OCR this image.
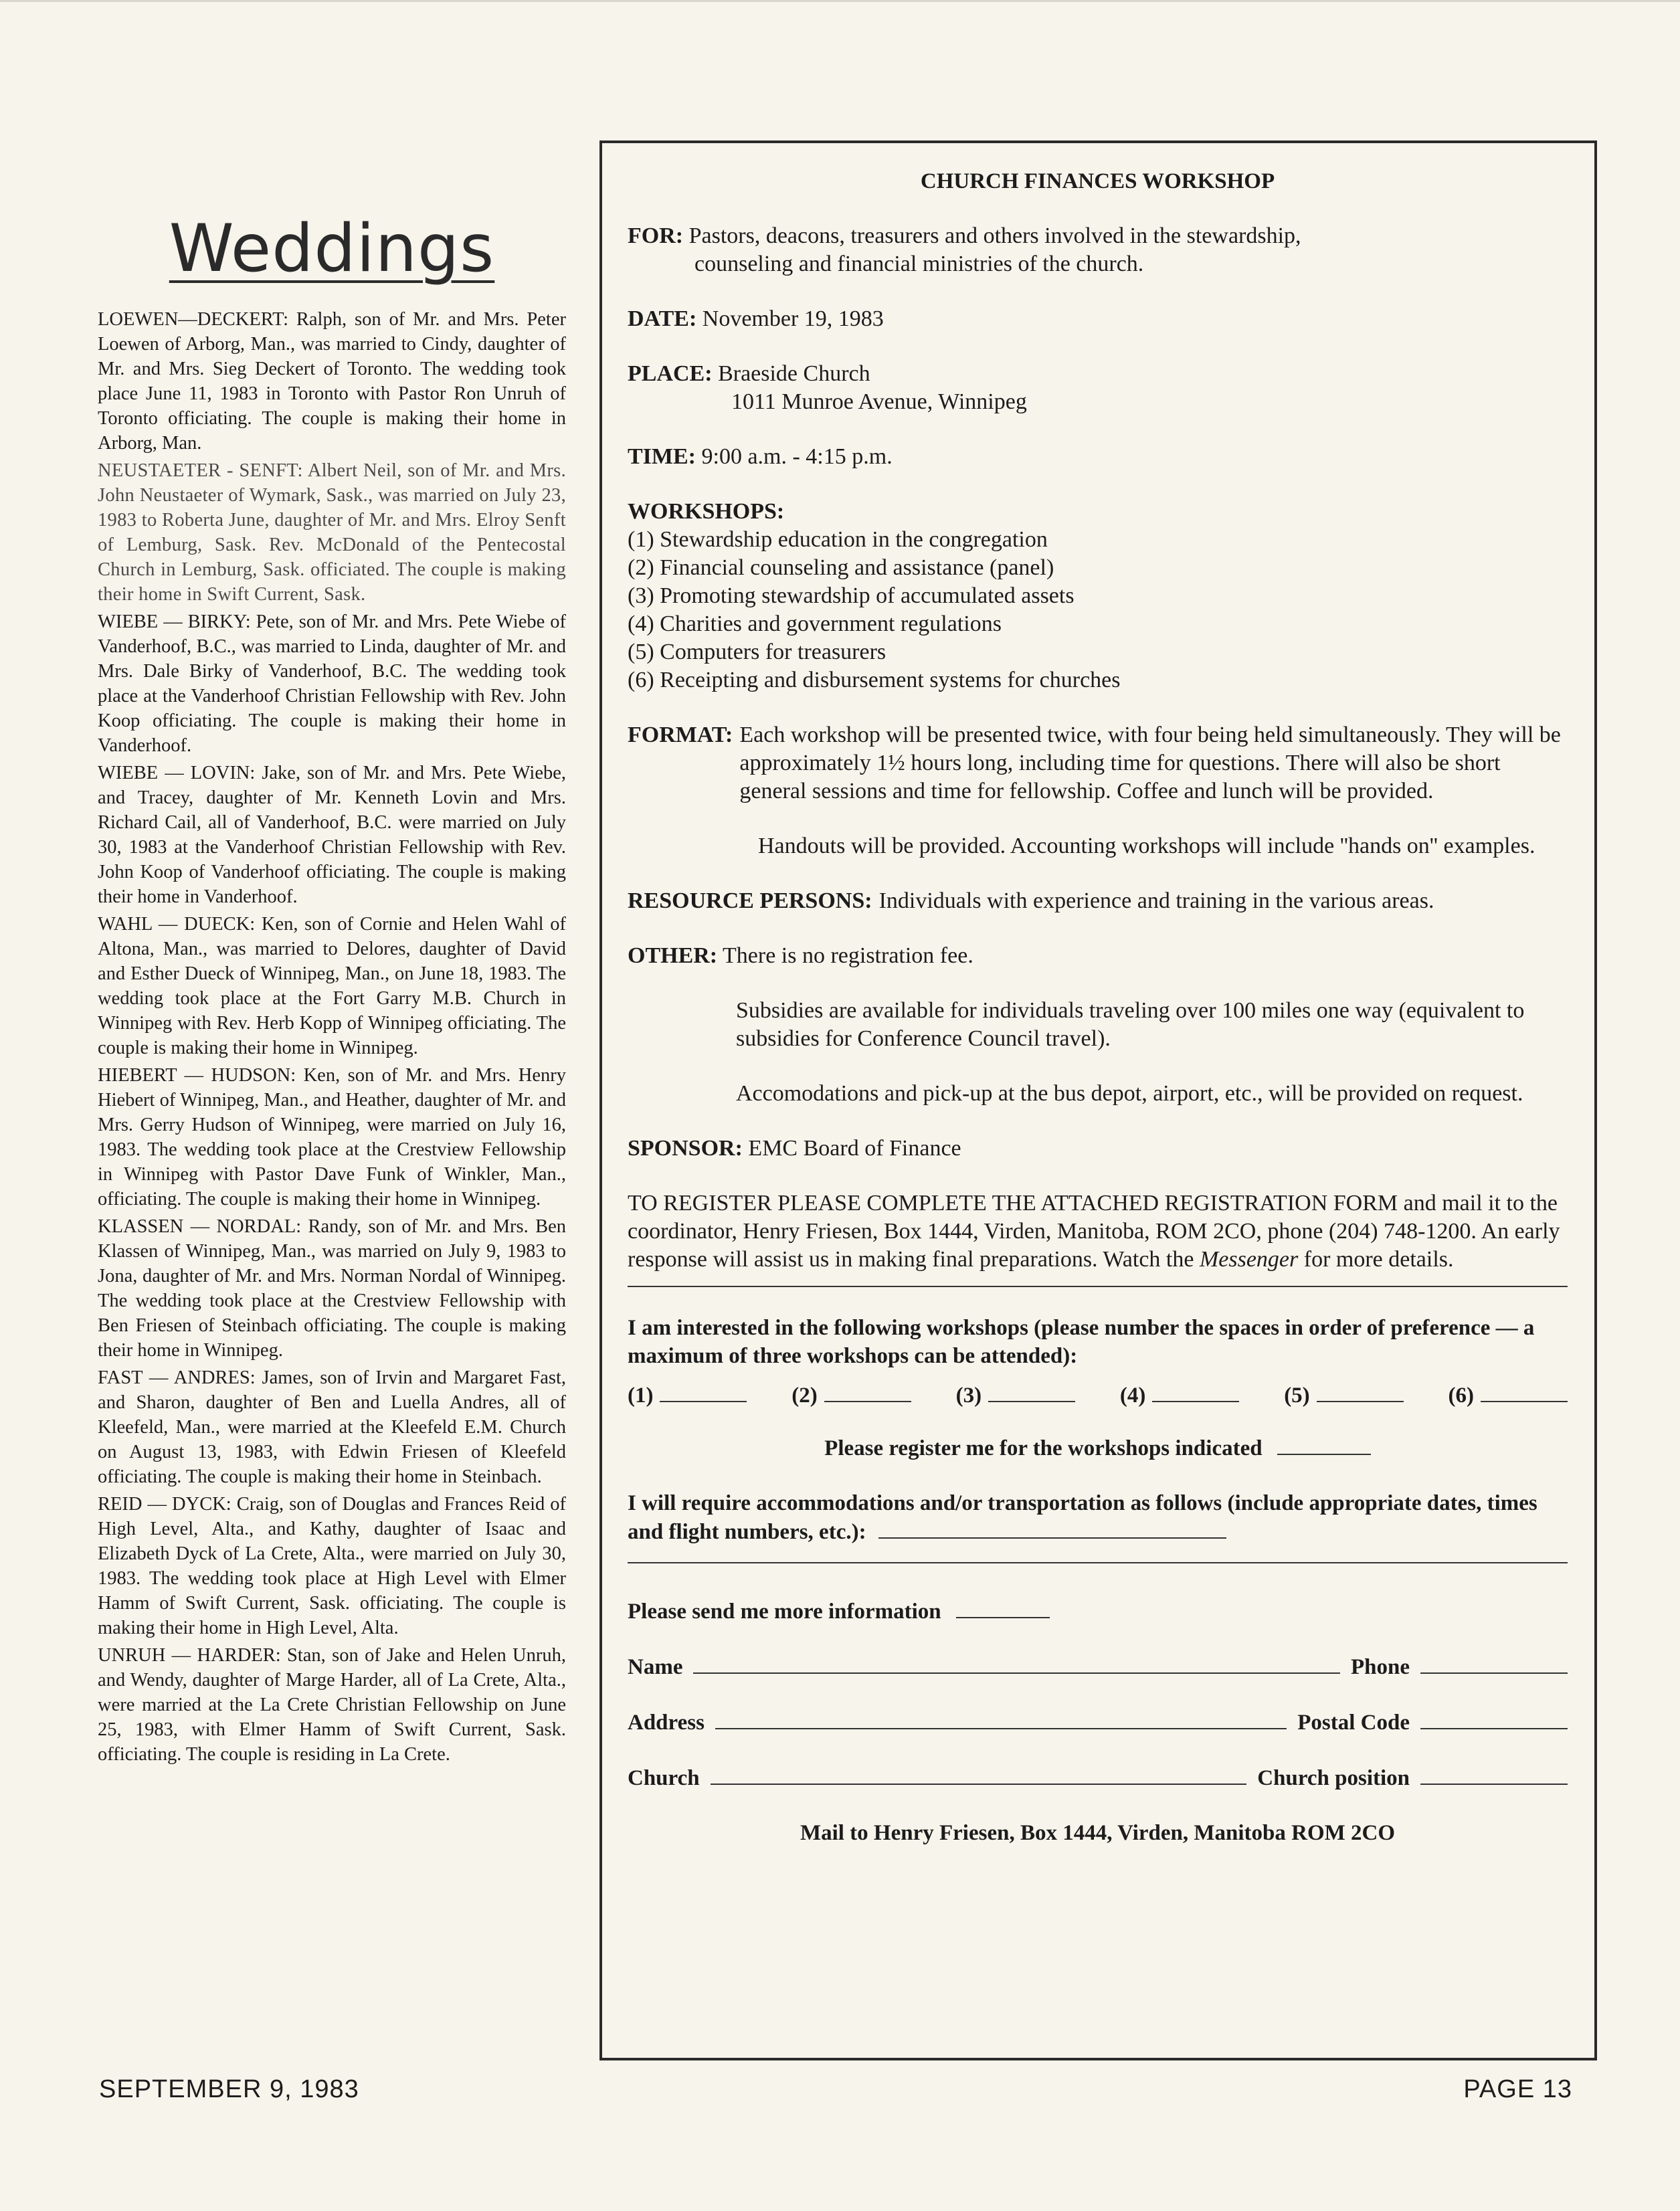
Weddings

LOEWEN—DECKERT: Ralph, son of Mr. and Mrs. Peter Loewen of Arborg, Man., was married to Cindy, daughter of Mr. and Mrs. Sieg Deckert of Toronto. The wedding took place June 11, 1983 in Toronto with Pastor Ron Unruh of Toronto officiating. The couple is making their home in Arborg, Man.

NEUSTAETER - SENFT: Albert Neil, son of Mr. and Mrs. John Neustaeter of Wymark, Sask., was married on July 23, 1983 to Roberta June, daughter of Mr. and Mrs. Elroy Senft of Lemburg, Sask. Rev. McDonald of the Pentecostal Church in Lemburg, Sask. officiated. The couple is making their home in Swift Current, Sask.

WIEBE — BIRKY: Pete, son of Mr. and Mrs. Pete Wiebe of Vanderhoof, B.C., was married to Linda, daughter of Mr. and Mrs. Dale Birky of Vanderhoof, B.C. The wedding took place at the Vanderhoof Christian Fellowship with Rev. John Koop officiating. The couple is making their home in Vanderhoof.

WIEBE — LOVIN: Jake, son of Mr. and Mrs. Pete Wiebe, and Tracey, daughter of Mr. Kenneth Lovin and Mrs. Richard Cail, all of Vanderhoof, B.C. were married on July 30, 1983 at the Vanderhoof Christian Fellowship with Rev. John Koop of Vanderhoof officiating. The couple is making their home in Vanderhoof.

WAHL — DUECK: Ken, son of Cornie and Helen Wahl of Altona, Man., was married to Delores, daughter of David and Esther Dueck of Winnipeg, Man., on June 18, 1983. The wedding took place at the Fort Garry M.B. Church in Winnipeg with Rev. Herb Kopp of Winnipeg officiating. The couple is making their home in Winnipeg.

HIEBERT — HUDSON: Ken, son of Mr. and Mrs. Henry Hiebert of Winnipeg, Man., and Heather, daughter of Mr. and Mrs. Gerry Hudson of Winnipeg, were married on July 16, 1983. The wedding took place at the Crestview Fellowship in Winnipeg with Pastor Dave Funk of Winkler, Man., officiating. The couple is making their home in Winnipeg.

KLASSEN — NORDAL: Randy, son of Mr. and Mrs. Ben Klassen of Winnipeg, Man., was married on July 9, 1983 to Jona, daughter of Mr. and Mrs. Norman Nordal of Winnipeg. The wedding took place at the Crestview Fellowship with Ben Friesen of Steinbach officiating. The couple is making their home in Winnipeg.

FAST — ANDRES: James, son of Irvin and Margaret Fast, and Sharon, daughter of Ben and Luella Andres, all of Kleefeld, Man., were married at the Kleefeld E.M. Church on August 13, 1983, with Edwin Friesen of Kleefeld officiating. The couple is making their home in Steinbach.

REID — DYCK: Craig, son of Douglas and Frances Reid of High Level, Alta., and Kathy, daughter of Isaac and Elizabeth Dyck of La Crete, Alta., were married on July 30, 1983. The wedding took place at High Level with Elmer Hamm of Swift Current, Sask. officiating. The couple is making their home in High Level, Alta.

UNRUH — HARDER: Stan, son of Jake and Helen Unruh, and Wendy, daughter of Marge Harder, all of La Crete, Alta., were married at the La Crete Christian Fellowship on June 25, 1983, with Elmer Hamm of Swift Current, Sask. officiating. The couple is residing in La Crete.

CHURCH FINANCES WORKSHOP
FOR: Pastors, deacons, treasurers and others involved in the stewardship,
counseling and financial ministries of the church.
DATE: November 19, 1983
PLACE: Braeside Church
1011 Munroe Avenue, Winnipeg
TIME: 9:00 a.m. - 4:15 p.m.
WORKSHOPS:
(1) Stewardship education in the congregation
(2) Financial counseling and assistance (panel)
(3) Promoting stewardship of accumulated assets
(4) Charities and government regulations
(5) Computers for treasurers
(6) Receipting and disbursement systems for churches
FORMAT: Each workshop will be presented twice, with four being held simultaneously. They will be approximately 1½ hours long, including time for questions. There will also be short general sessions and time for fellowship. Coffee and lunch will be provided.
Handouts will be provided. Accounting workshops will include ''hands on'' examples.
RESOURCE PERSONS: Individuals with experience and training in the various areas.
OTHER: There is no registration fee.
Subsidies are available for individuals traveling over 100 miles one way (equivalent to subsidies for Conference Council travel).
Accomodations and pick-up at the bus depot, airport, etc., will be provided on request.
SPONSOR: EMC Board of Finance
TO REGISTER PLEASE COMPLETE THE ATTACHED REGISTRATION FORM and mail it to the coordinator, Henry Friesen, Box 1444, Virden, Manitoba, ROM 2CO, phone (204) 748-1200. An early response will assist us in making final preparations. Watch the Messenger for more details.
I am interested in the following workshops (please number the spaces in order of preference — a maximum of three workshops can be attended):
(1)	(2)	(3)	(4)	(5)	(6)
Please register me for the workshops indicated
I will require accommodations and/or transportation as follows (include appropriate dates, times and flight numbers, etc.):
Please send me more information
Name	Phone
Address	Postal Code
Church	Church position
Mail to Henry Friesen, Box 1444, Virden, Manitoba ROM 2CO
SEPTEMBER 9, 1983	PAGE 13
